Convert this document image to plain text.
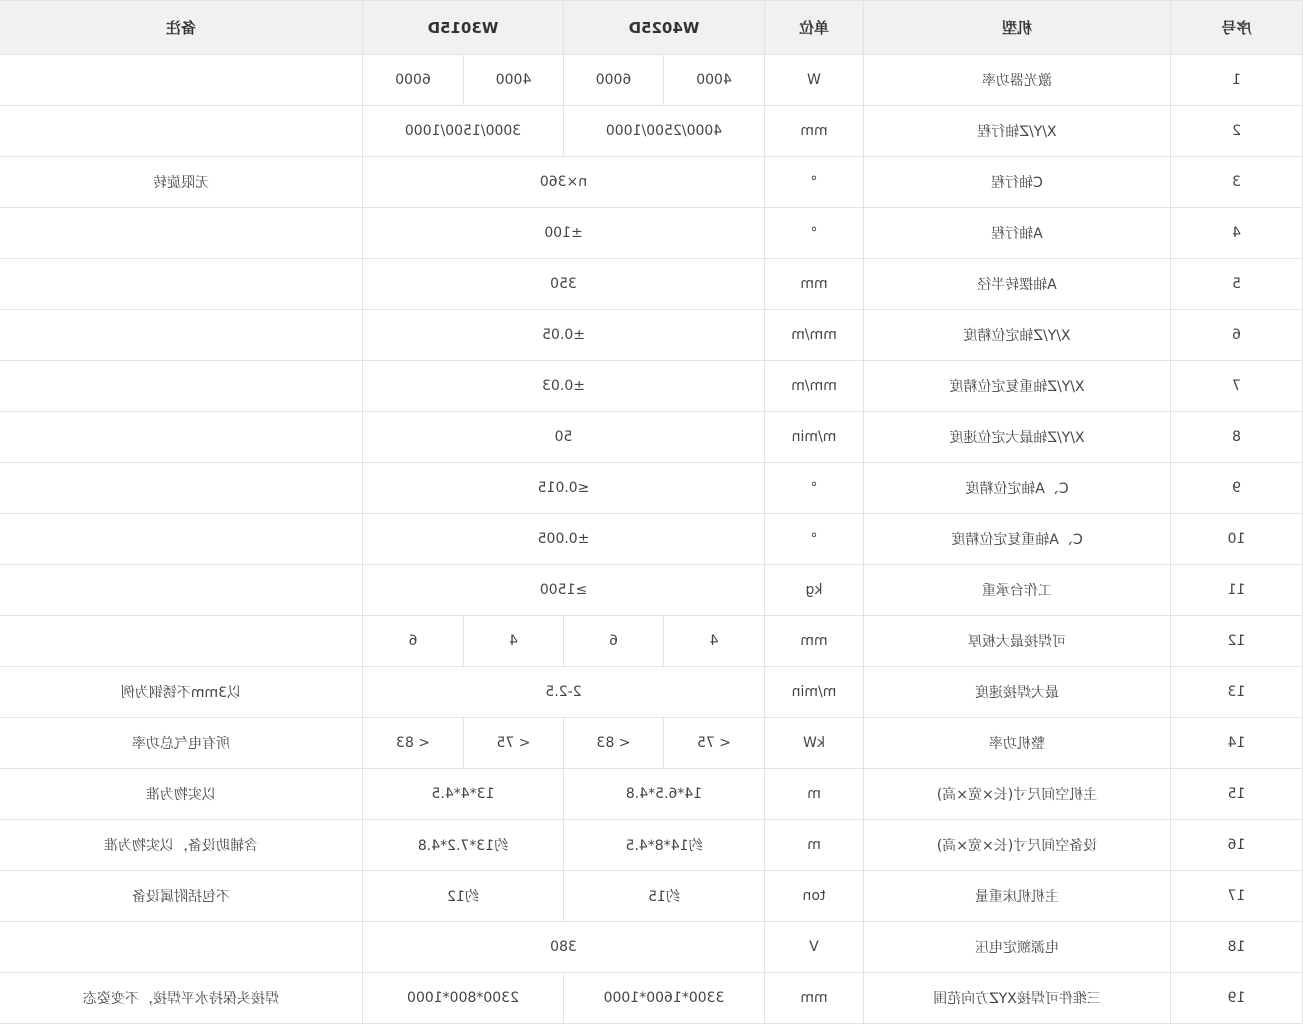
序号	机型	单位	W4025D		W3015D		备注
1	激光器功率	W	4000	6000	4000	6000	
2	X/Y/Z轴行程	mm	4000/2500/1000		3000/1500/1000		
3	C轴行程	°	n×360				无限旋转
4	A轴行程	°	±100				
5	A轴摆转半径	mm	350				
6	X/Y/Z轴定位精度	mm/m	±0.05				
7	X/Y/Z轴重复定位精度	mm/m	±0.03				
8	X/Y/Z轴最大定位速度	m/min	50				
9	C、A轴定位精度	°	≤0.015				
10	C、A轴重复定位精度	°	±0.005				
11	工作台承重	kg	≥1500				
12	可焊接最大板厚	mm	4	6	4	6	
13	最大焊接速度	m/min	2-2.5				以3mm不锈钢为例
14	整机功率	kW	< 75	< 83	< 75	< 83	所有电气总功率
15	主机空间尺寸(长×宽×高)	m	14*6.5*4.8		13*4*4.5		以实物为准
16	设备空间尺寸(长×宽×高)	m	约14*8*4.5		约13*7.2*4.8		含辅助设备，以实物为准
17	主机机床重量	ton	约15		约12		不包括附属设备
18	电源额定电压	V	380				
19	三维件可焊接XYZ方向范围	mm	3300*1600*1000		2300*800*1000		焊接头保持水平焊接，不变姿态
